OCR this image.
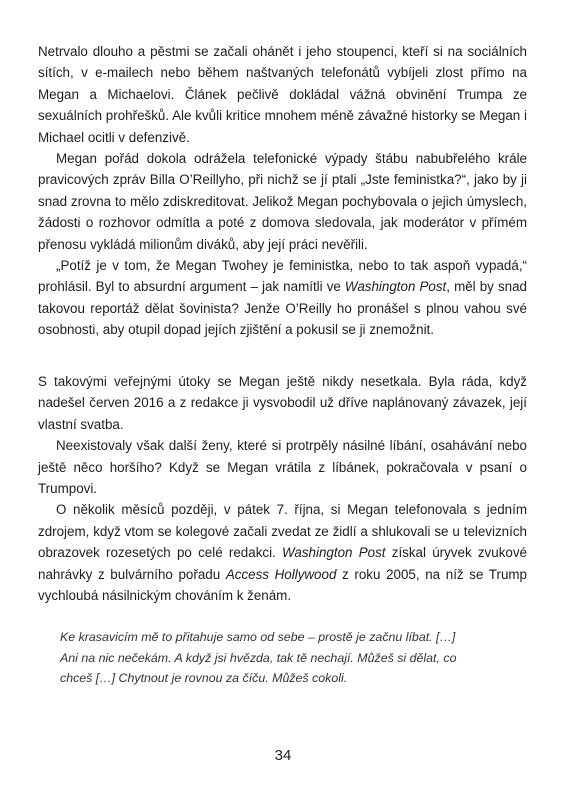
Netrvalo dlouho a pěstmi se začali ohánět i jeho stoupenci, kteří si na sociálních sítích, v e-mailech nebo během naštvaných telefonátů vybíjeli zlost přímo na Megan a Michaelovi. Článek pečlivě dokládal vážná obvinění Trumpa ze sexuálních prohřešků. Ale kvůli kritice mnohem méně závažné historky se Megan i Michael ocitli v defenzivě.

Megan pořád dokola odrážela telefonické výpady štábu nabubřelého krále pravicových zpráv Billa O’Reillyho, při nichž se jí ptali „Jste feministka?“, jako by ji snad zrovna to mělo zdiskreditovat. Jelikož Megan pochybovala o jejich úmyslech, žádosti o rozhovor odmítla a poté z domova sledovala, jak moderátor v přímém přenosu vykládá milionům diváků, aby její práci nevěřili.

„Potíž je v tom, že Megan Twohey je feministka, nebo to tak aspoň vypadá,“ prohlásil. Byl to absurdní argument – jak namítli ve Washington Post, měl by snad takovou reportáž dělat šovinista? Jenže O’Reilly ho pronášel s plnou vahou své osobnosti, aby otupil dopad jejích zjištění a pokusil se ji znemožnit.

S takovými veřejnými útoky se Megan ještě nikdy nesetkala. Byla ráda, když nadešel červen 2016 a z redakce ji vysvobodil už dříve naplánovaný závazek, její vlastní svatba.

Neexistovaly však další ženy, které si protrpěly násilné líbání, osahávání nebo ještě něco horšího? Když se Megan vrátila z líbánek, pokračovala v psaní o Trumpovi.

O několik měsíců později, v pátek 7. října, si Megan telefonovala s jedním zdrojem, když vtom se kolegové začali zvedat ze židlí a shlukovali se u televizních obrazovek rozesetých po celé redakci. Washington Post získal úryvek zvukové nahrávky z bulvárního pořadu Access Hollywood z roku 2005, na níž se Trump vychloubá násilnickým chováním k ženám.

Ke krasavicím mě to přitahuje samo od sebe – prostě je začnu líbat. […] Ani na nic nečekám. A když jsi hvězda, tak tě nechají. Můžeš si dělat, co chceš […] Chytnout je rovnou za číču. Můžeš cokoli.

34
